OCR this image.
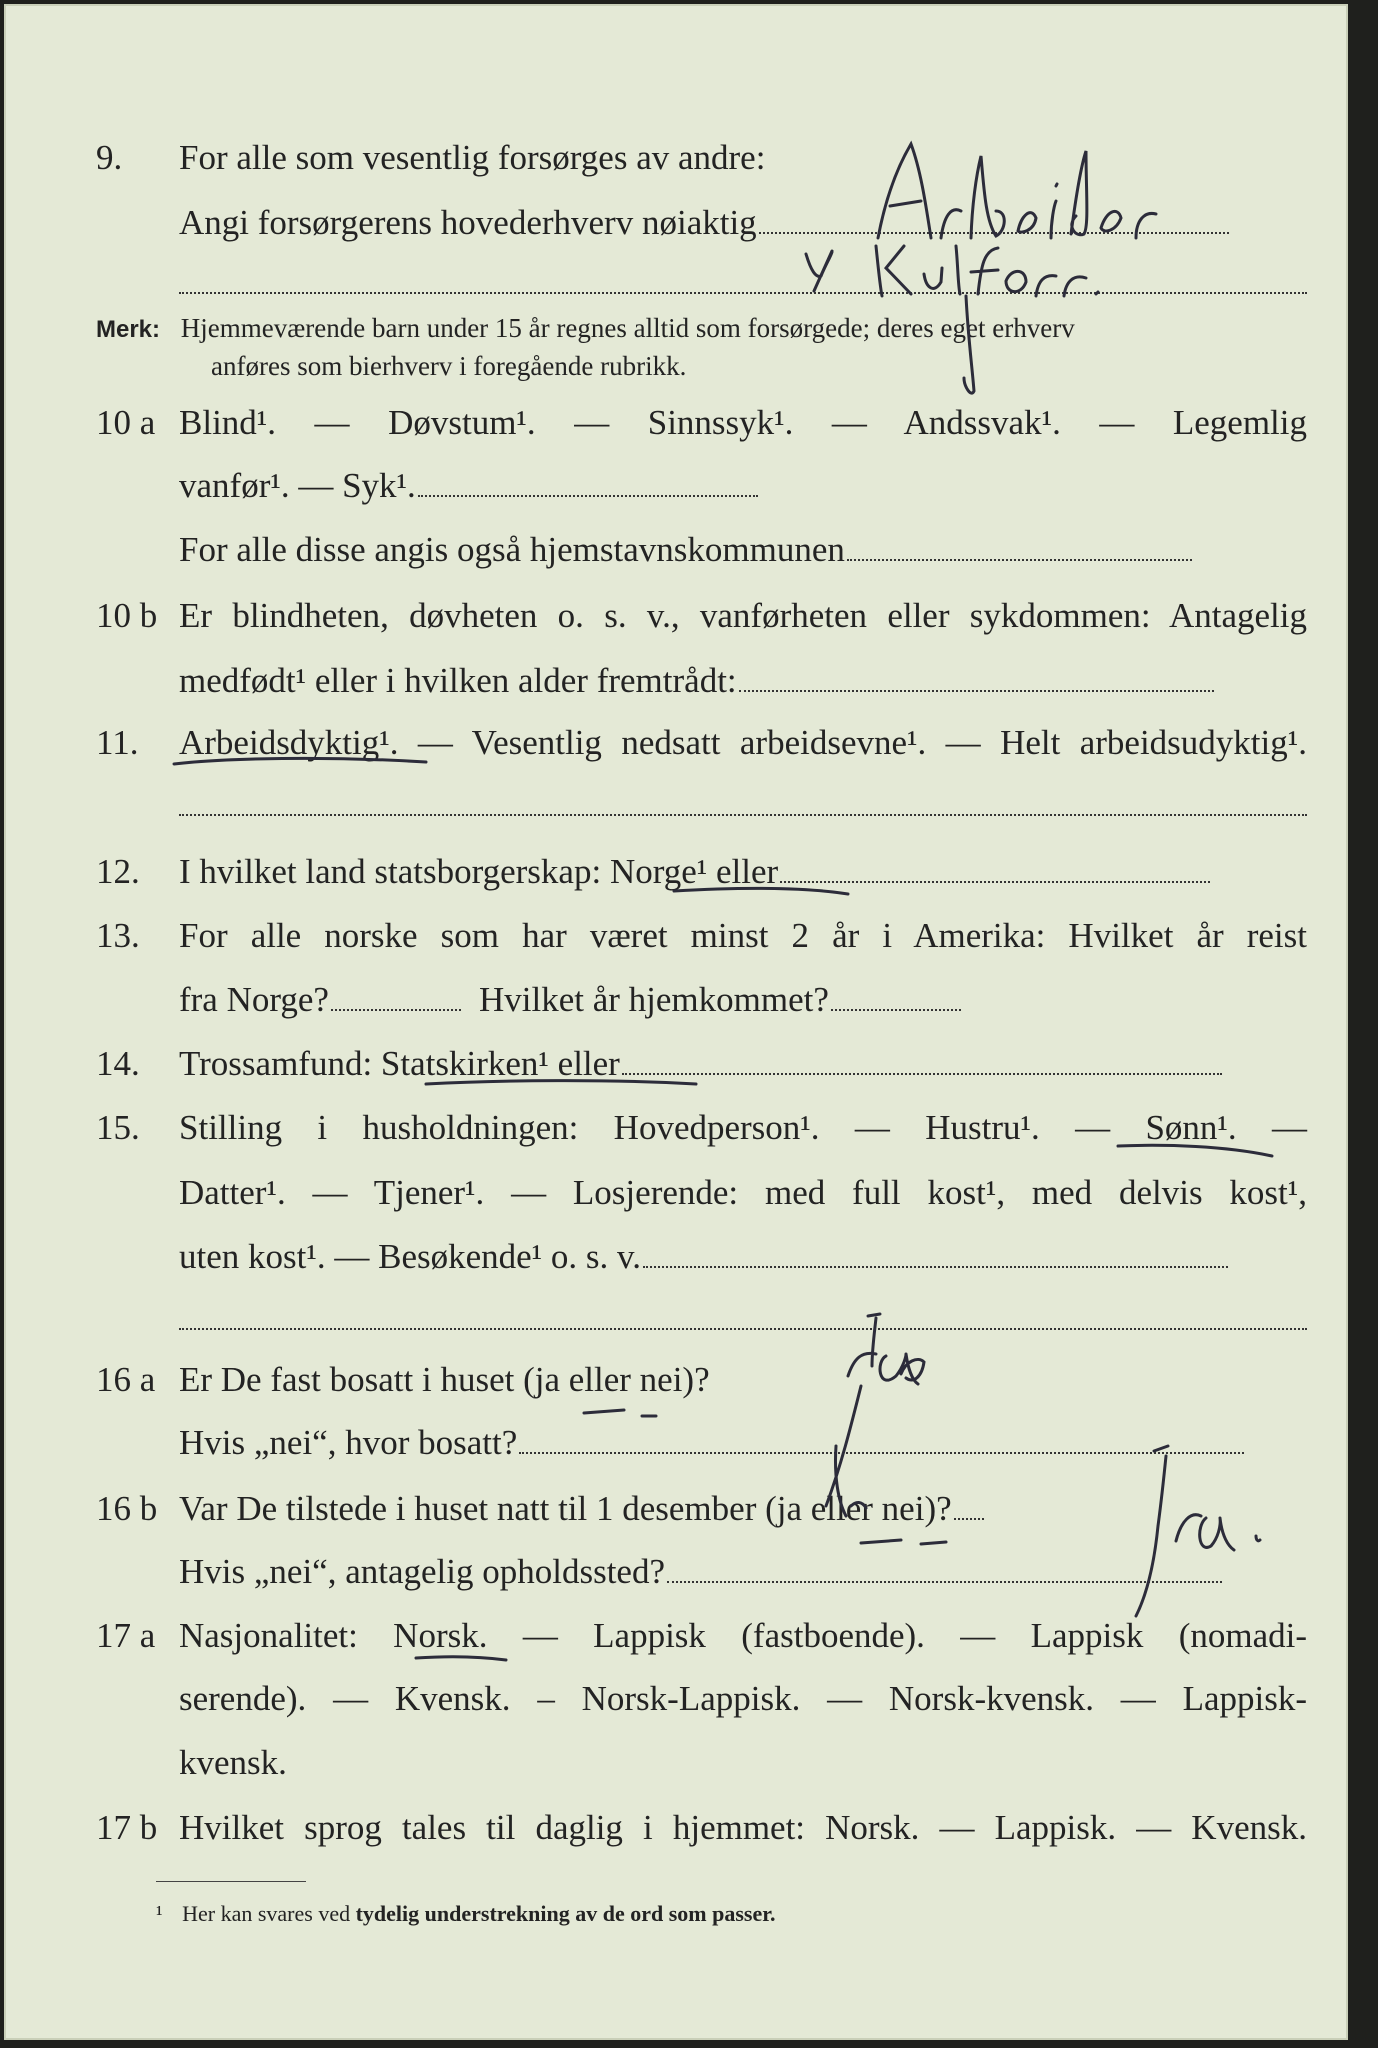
9. For alle som vesentlig forsørges av andre:
Angi forsørgerens hovederhverv nøiaktig
Merk: Hjemmeværende barn under 15 år regnes alltid som forsørgede; deres eget erhverv
anføres som bierhverv i foregående rubrikk.
10 a Blind¹. — Døvstum¹. — Sinnssyk¹. — Andssvak¹. — Legemlig
vanfør¹. — Syk¹.
For alle disse angis også hjemstavnskommunen
10 b Er blindheten, døvheten o. s. v., vanførheten eller sykdommen: Antagelig
medfødt¹ eller i hvilken alder fremtrådt:
11. Arbeidsdyktig¹. — Vesentlig nedsatt arbeidsevne¹. — Helt arbeidsudyktig¹.
12. I hvilket land statsborgerskap: Norge¹ eller
13. For alle norske som har været minst 2 år i Amerika: Hvilket år reist
fra Norge?	Hvilket år hjemkommet?
14. Trossamfund: Statskirken¹ eller
15. Stilling i husholdningen: Hovedperson¹. — Hustru¹. — Sønn¹. —
Datter¹. — Tjener¹. — Losjerende: med full kost¹, med delvis kost¹,
uten kost¹. — Besøkende¹ o. s. v.
16 a Er De fast bosatt i huset (ja eller nei)?
Hvis „nei“, hvor bosatt?
16 b Var De tilstede i huset natt til 1 desember (ja eller nei)?
Hvis „nei“, antagelig opholdssted?
17 a Nasjonalitet: Norsk. — Lappisk (fastboende). — Lappisk (nomadi-
serende). — Kvensk. – Norsk-Lappisk. — Norsk-kvensk. — Lappisk-
kvensk.
17 b Hvilket sprog tales til daglig i hjemmet: Norsk. — Lappisk. — Kvensk.
¹ Her kan svares ved tydelig understrekning av de ord som passer.
